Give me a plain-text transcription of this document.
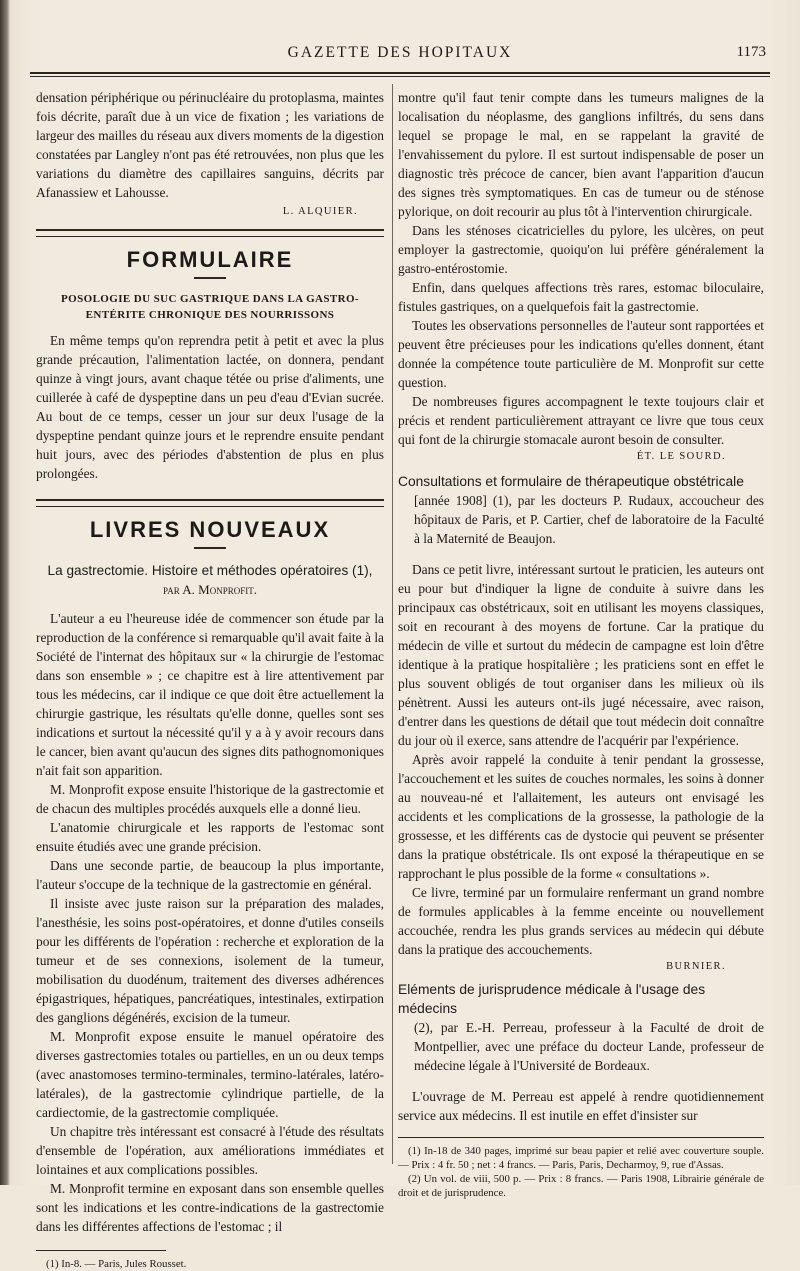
GAZETTE DES HOPITAUX	1173

densation périphérique ou périnucléaire du protoplasma, maintes fois décrite, paraît due à un vice de fixation ; les variations de largeur des mailles du réseau aux divers moments de la digestion constatées par Langley n'ont pas été retrouvées, non plus que les variations du diamètre des capillaires sanguins, décrits par Afanassiew et Lahousse.

L. ALQUIER.
FORMULAIRE
POSOLOGIE DU SUC GASTRIQUE DANS LA GASTRO-ENTÉRITE CHRONIQUE DES NOURRISSONS

En même temps qu'on reprendra petit à petit et avec la plus grande précaution, l'alimentation lactée, on donnera, pendant quinze à vingt jours, avant chaque tétée ou prise d'aliments, une cuillerée à café de dyspeptine dans un peu d'eau d'Evian sucrée. Au bout de ce temps, cesser un jour sur deux l'usage de la dyspeptine pendant quinze jours et le reprendre ensuite pendant huit jours, avec des périodes d'abstention de plus en plus prolongées.

LIVRES NOUVEAUX
La gastrectomie. Histoire et méthodes opératoires (1),
par A. Monprofit.

L'auteur a eu l'heureuse idée de commencer son étude par la reproduction de la conférence si remarquable qu'il avait faite à la Société de l'internat des hôpitaux sur « la chirurgie de l'estomac dans son ensemble » ; ce chapitre est à lire attentivement par tous les médecins, car il indique ce que doit être actuellement la chirurgie gastrique, les résultats qu'elle donne, quelles sont ses indications et surtout la nécessité qu'il y a à y avoir recours dans le cancer, bien avant qu'aucun des signes dits pathognomoniques n'ait fait son apparition.

M. Monprofit expose ensuite l'historique de la gastrectomie et de chacun des multiples procédés auxquels elle a donné lieu.

L'anatomie chirurgicale et les rapports de l'estomac sont ensuite étudiés avec une grande précision.

Dans une seconde partie, de beaucoup la plus importante, l'auteur s'occupe de la technique de la gastrectomie en général.

Il insiste avec juste raison sur la préparation des malades, l'anesthésie, les soins post-opératoires, et donne d'utiles conseils pour les différents de l'opération : recherche et exploration de la tumeur et de ses connexions, isolement de la tumeur, mobilisation du duodénum, traitement des diverses adhérences épigastriques, hépatiques, pancréatiques, intestinales, extirpation des ganglions dégénérés, excision de la tumeur.

M. Monprofit expose ensuite le manuel opératoire des diverses gastrectomies totales ou partielles, en un ou deux temps (avec anastomoses termino-terminales, termino-latérales, latéro-latérales), de la gastrectomie cylindrique partielle, de la cardiectomie, de la gastrectomie compliquée.

Un chapitre très intéressant est consacré à l'étude des résultats d'ensemble de l'opération, aux améliorations immédiates et lointaines et aux complications possibles.

M. Monprofit termine en exposant dans son ensemble quelles sont les indications et les contre-indications de la gastrectomie dans les différentes affections de l'estomac ; il

(1) In-8. — Paris, Jules Rousset.

montre qu'il faut tenir compte dans les tumeurs malignes de la localisation du néoplasme, des ganglions infiltrés, du sens dans lequel se propage le mal, en se rappelant la gravité de l'envahissement du pylore. Il est surtout indispensable de poser un diagnostic très précoce de cancer, bien avant l'apparition d'aucun des signes très symptomatiques. En cas de tumeur ou de sténose pylorique, on doit recourir au plus tôt à l'intervention chirurgicale.

Dans les sténoses cicatricielles du pylore, les ulcères, on peut employer la gastrectomie, quoiqu'on lui préfère généralement la gastro-entérostomie.

Enfin, dans quelques affections très rares, estomac biloculaire, fistules gastriques, on a quelquefois fait la gastrectomie.

Toutes les observations personnelles de l'auteur sont rapportées et peuvent être précieuses pour les indications qu'elles donnent, étant donnée la compétence toute particulière de M. Monprofit sur cette question.

De nombreuses figures accompagnent le texte toujours clair et précis et rendent particulièrement attrayant ce livre que tous ceux qui font de la chirurgie stomacale auront besoin de consulter.

ÉT. LE SOURD.
Consultations et formulaire de thérapeutique obstétricale
[année 1908] (1), par les docteurs P. Rudaux, accoucheur des hôpitaux de Paris, et P. Cartier, chef de laboratoire de la Faculté à la Maternité de Beaujon.

Dans ce petit livre, intéressant surtout le praticien, les auteurs ont eu pour but d'indiquer la ligne de conduite à suivre dans les principaux cas obstétricaux, soit en utilisant les moyens classiques, soit en recourant à des moyens de fortune. Car la pratique du médecin de ville et surtout du médecin de campagne est loin d'être identique à la pratique hospitalière ; les praticiens sont en effet le plus souvent obligés de tout organiser dans les milieux où ils pénètrent. Aussi les auteurs ont-ils jugé nécessaire, avec raison, d'entrer dans les questions de détail que tout médecin doit connaître du jour où il exerce, sans attendre de l'acquérir par l'expérience.

Après avoir rappelé la conduite à tenir pendant la grossesse, l'accouchement et les suites de couches normales, les soins à donner au nouveau-né et l'allaitement, les auteurs ont envisagé les accidents et les complications de la grossesse, la pathologie de la grossesse, et les différents cas de dystocie qui peuvent se présenter dans la pratique obstétricale. Ils ont exposé la thérapeutique en se rapprochant le plus possible de la forme « consultations ».

Ce livre, terminé par un formulaire renfermant un grand nombre de formules applicables à la femme enceinte ou nouvellement accouchée, rendra les plus grands services au médecin qui débute dans la pratique des accouchements.

BURNIER.
Eléments de jurisprudence médicale à l'usage des médecins
(2), par E.-H. Perreau, professeur à la Faculté de droit de Montpellier, avec une préface du docteur Lande, professeur de médecine légale à l'Université de Bordeaux.

L'ouvrage de M. Perreau est appelé à rendre quotidiennement service aux médecins. Il est inutile en effet d'insister sur

(1) In-18 de 340 pages, imprimé sur beau papier et relié avec couverture souple. — Prix : 4 fr. 50 ; net : 4 francs. — Paris, Paris, Decharmoy, 9, rue d'Assas.
(2) Un vol. de viii, 500 p. — Prix : 8 francs. — Paris 1908, Librairie générale de droit et de jurisprudence.
